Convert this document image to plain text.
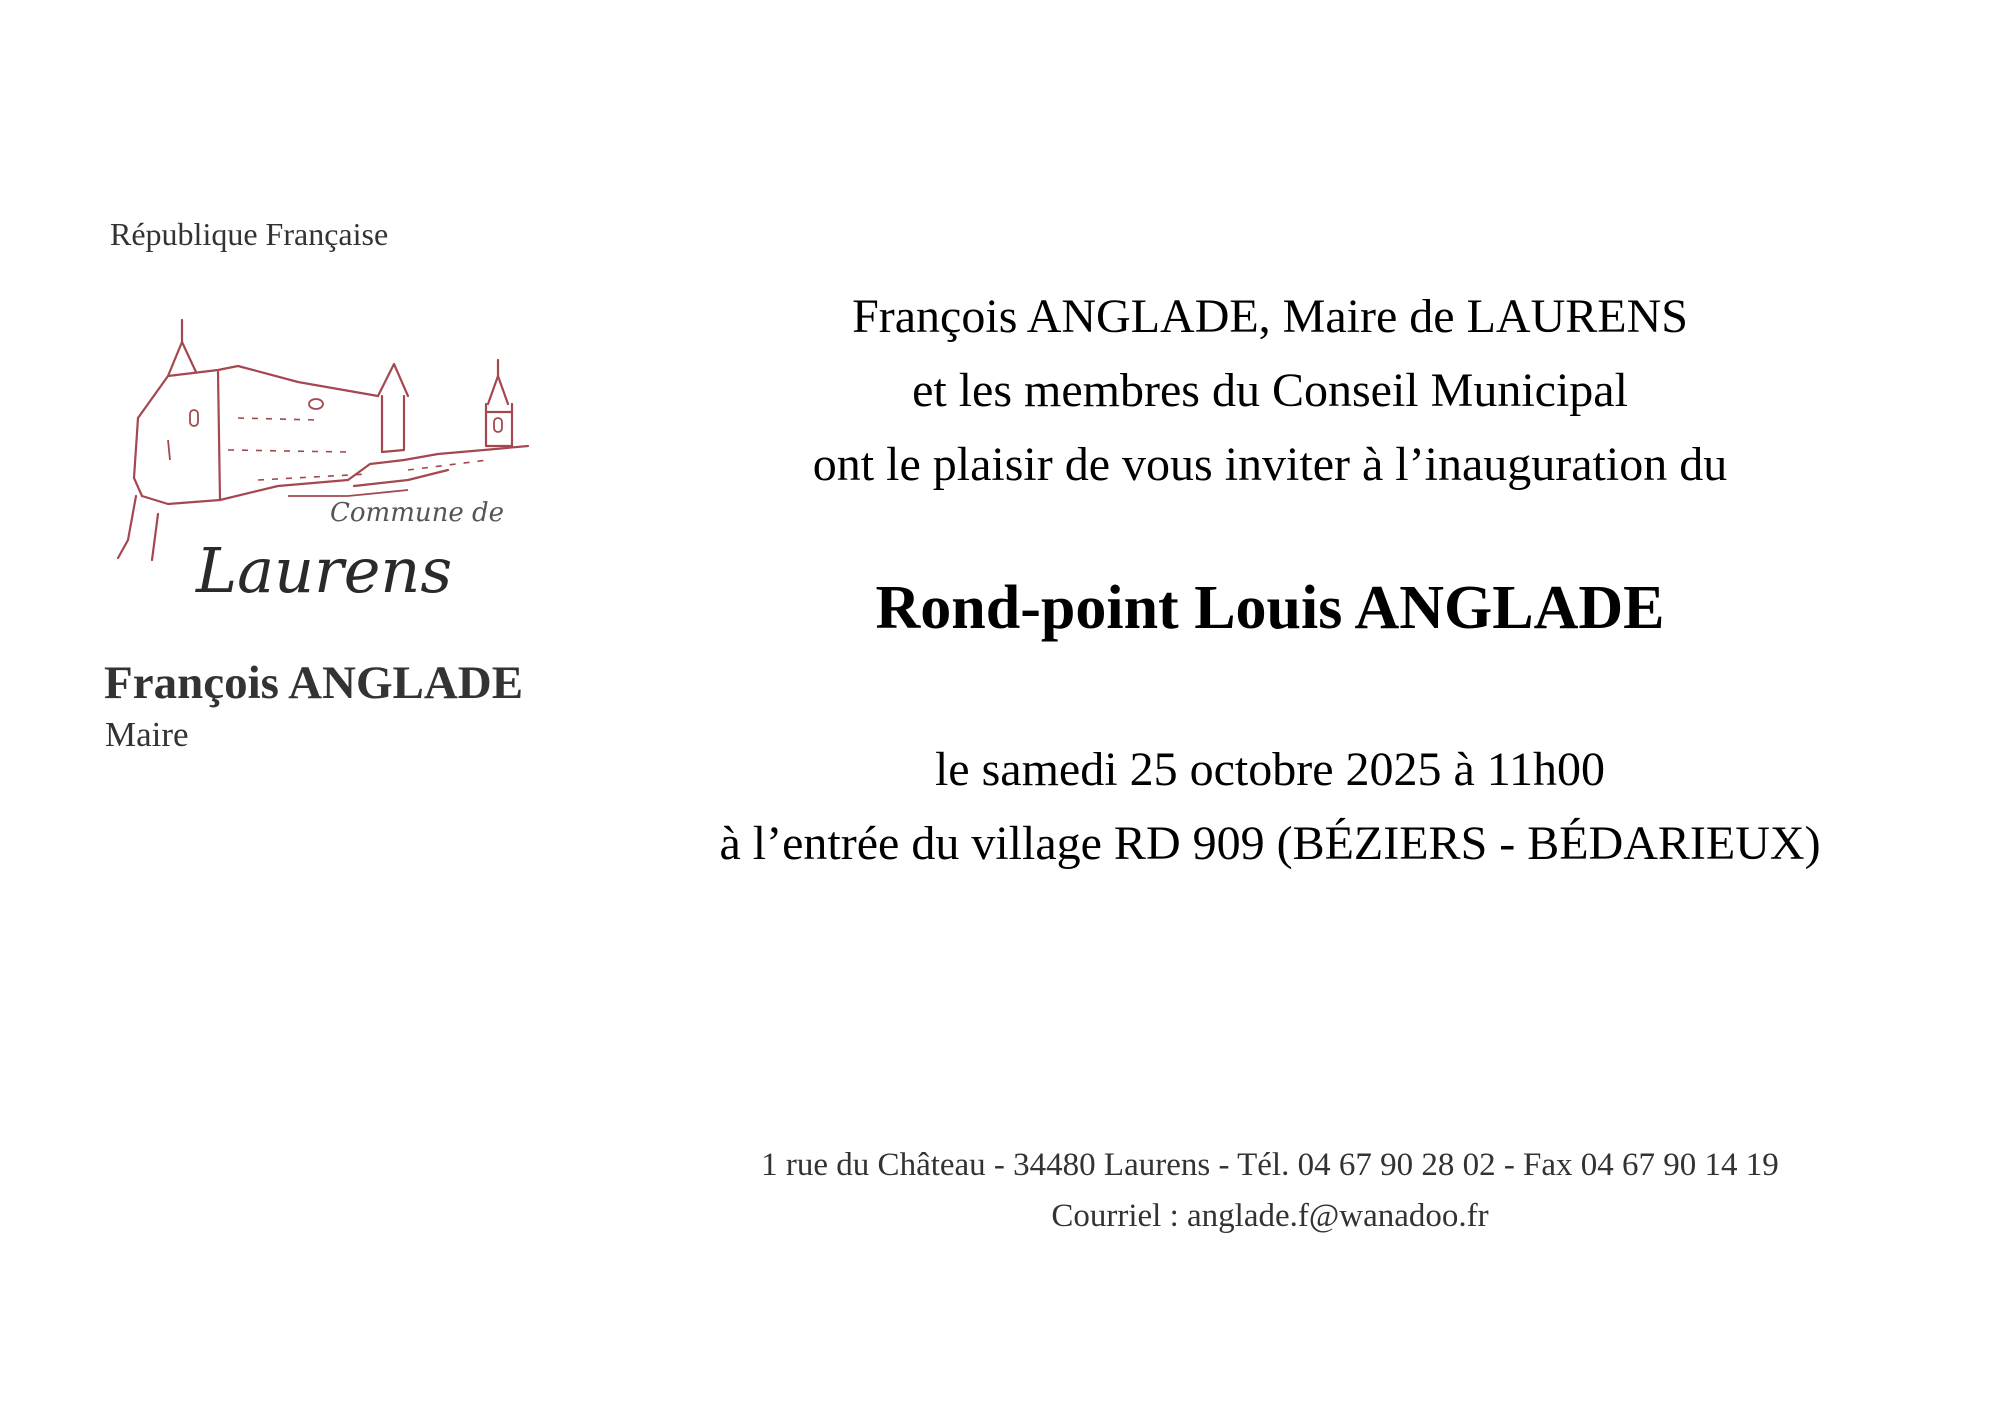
République Française
Commune de
Laurens
François ANGLADE
Maire
François ANGLADE, Maire de LAURENS
et les membres du Conseil Municipal
ont le plaisir de vous inviter à l’inauguration du
Rond-point Louis ANGLADE
le samedi 25 octobre 2025 à 11h00
à l’entrée du village RD 909 (BÉZIERS - BÉDARIEUX)
1 rue du Château - 34480 Laurens - Tél. 04 67 90 28 02 - Fax 04 67 90 14 19
Courriel : anglade.f@wanadoo.fr
